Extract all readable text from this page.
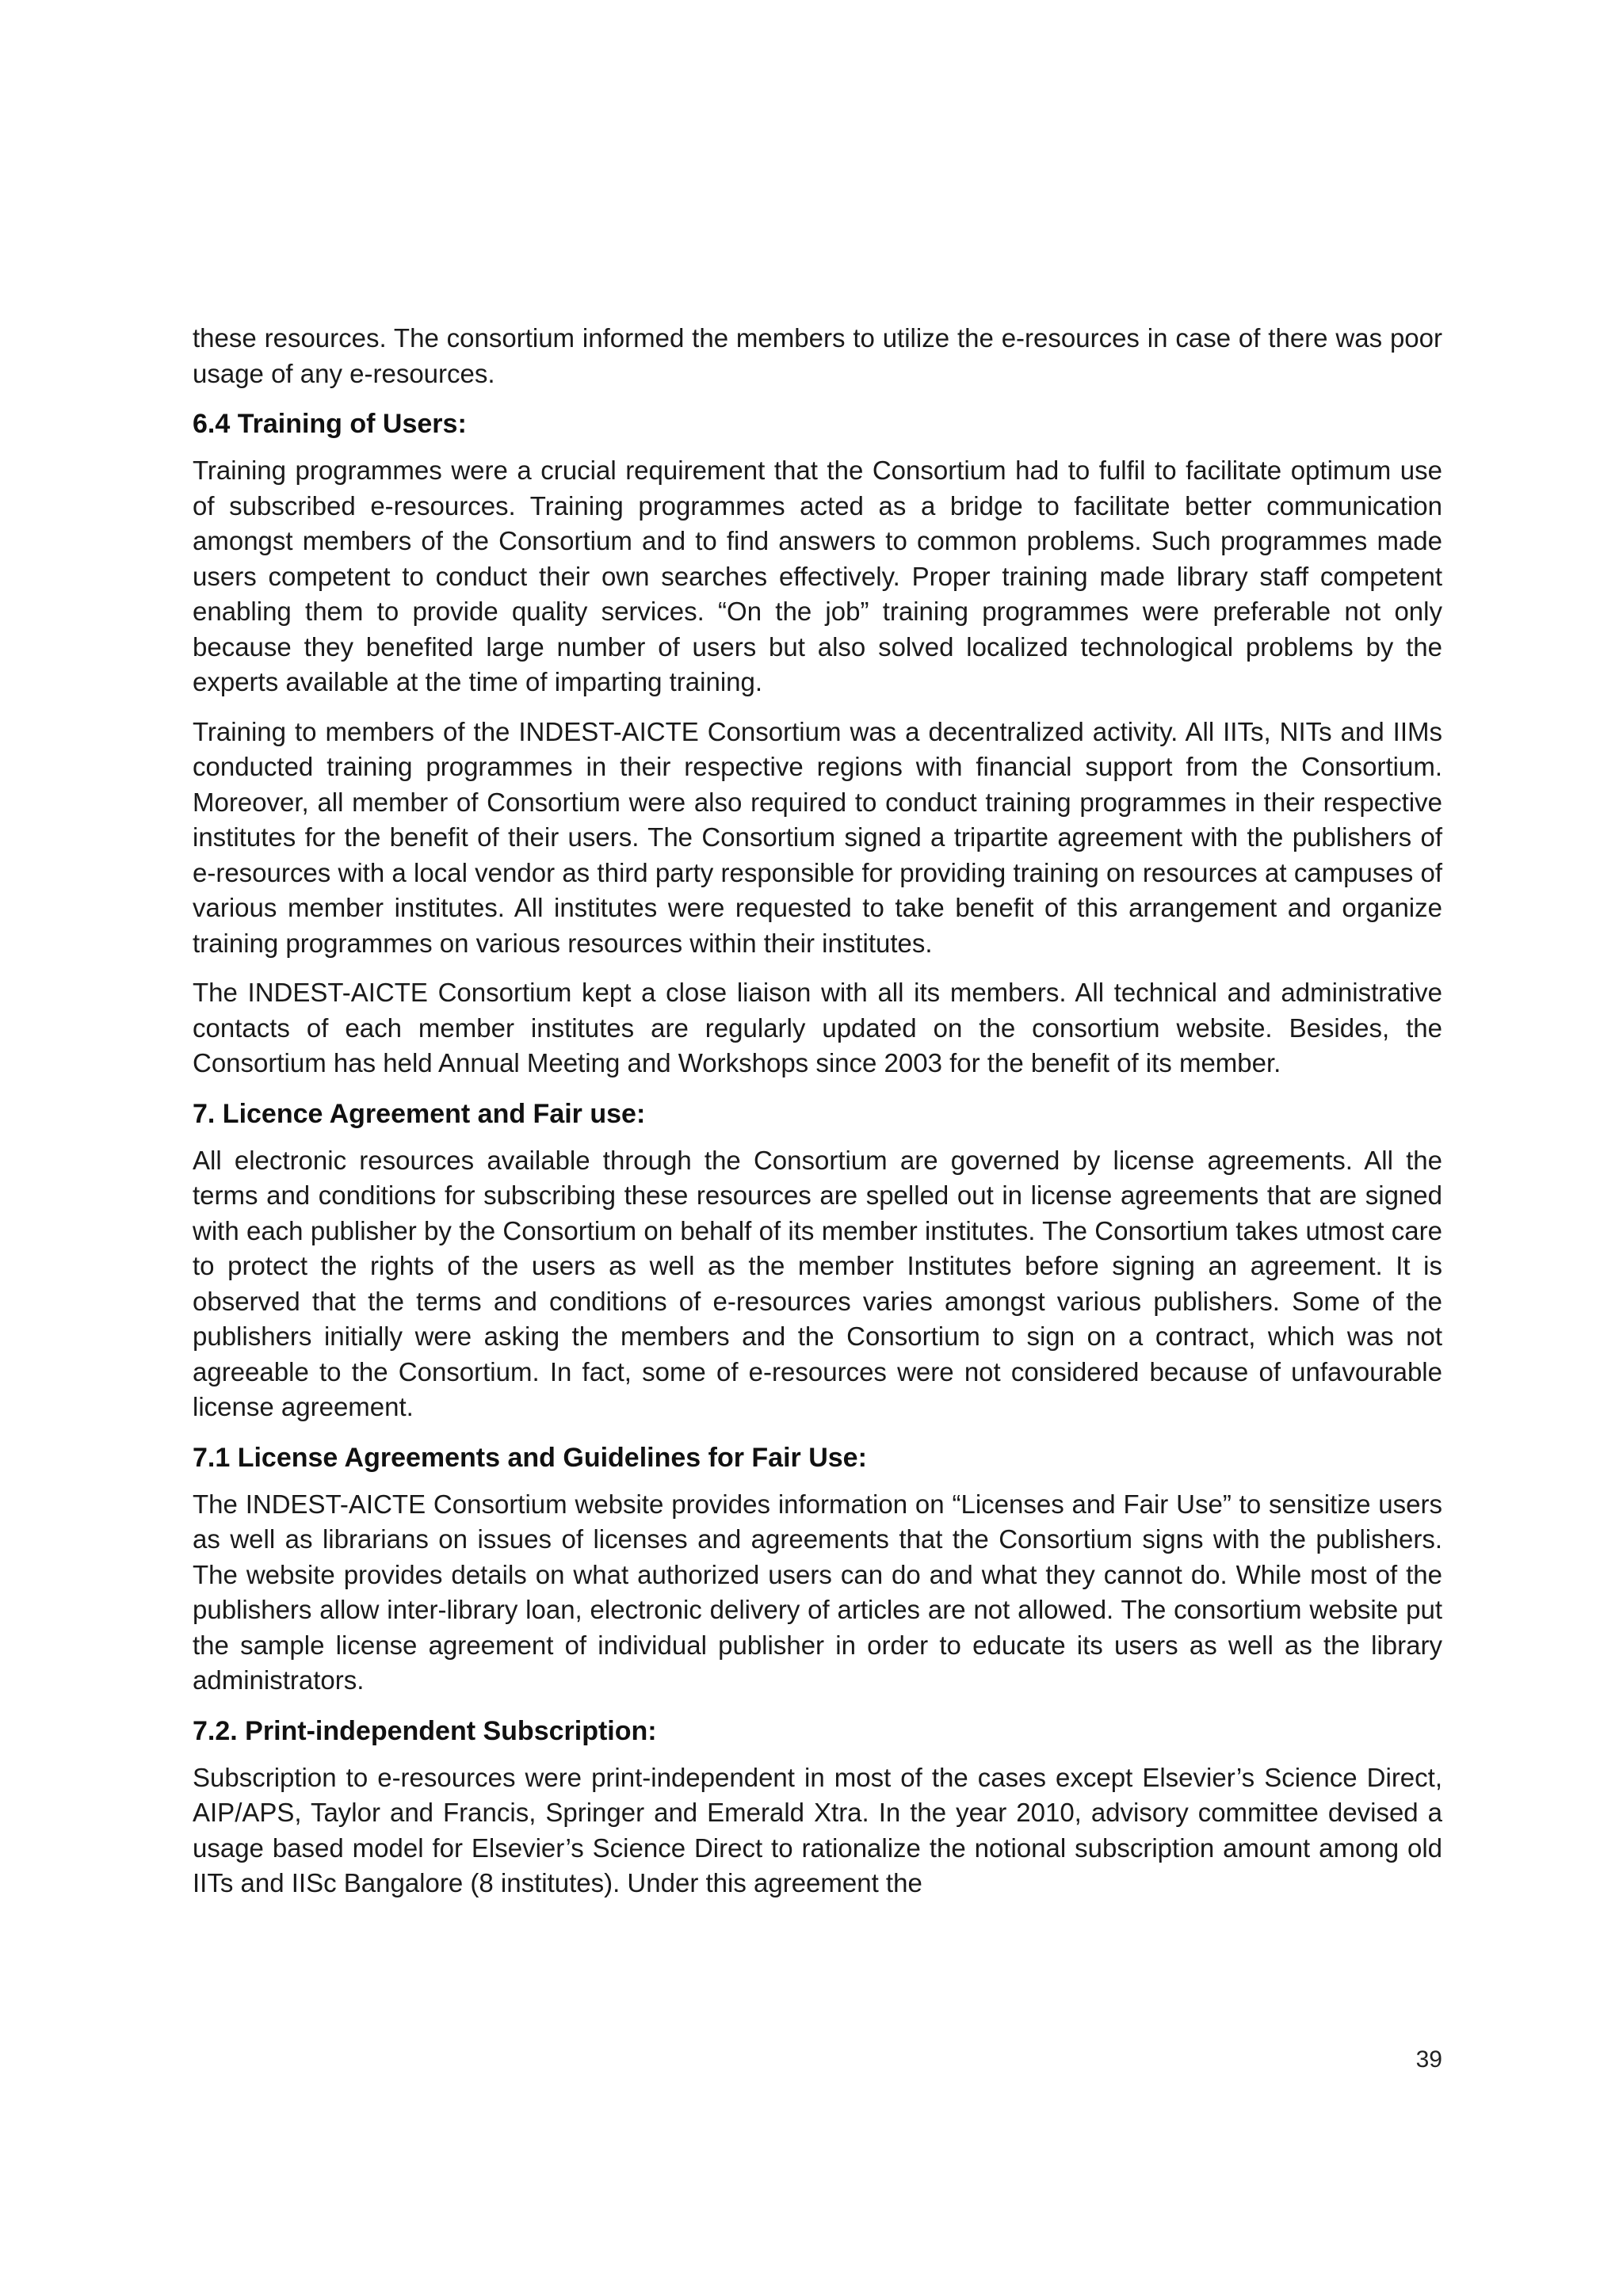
these resources. The consortium informed the members to utilize the e-resources in case of there was poor usage of any e-resources.

6.4 Training of Users:

Training programmes were a crucial requirement that the Consortium had to fulfil to facilitate optimum use of subscribed e-resources. Training programmes acted as a bridge to facilitate better communication amongst members of the Consortium and to find answers to common problems. Such programmes made users competent to conduct their own searches effectively. Proper training made library staff competent enabling them to provide quality services. “On the job” training programmes were preferable not only because they benefited large number of users but also solved localized technological problems by the experts available at the time of imparting training.

Training to members of the INDEST-AICTE Consortium was a decentralized activity. All IITs, NITs and IIMs conducted training programmes in their respective regions with financial support from the Consortium. Moreover, all member of Consortium were also required to conduct training programmes in their respective institutes for the benefit of their users. The Consortium signed a tripartite agreement with the publishers of e-resources with a local vendor as third party responsible for providing training on resources at campuses of various member institutes. All institutes were requested to take benefit of this arrangement and organize training programmes on various resources within their institutes.

The INDEST-AICTE Consortium kept a close liaison with all its members. All technical and administrative contacts of each member institutes are regularly updated on the consortium website. Besides, the Consortium has held Annual Meeting and Workshops since 2003 for the benefit of its member.

7. Licence Agreement and Fair use:

All electronic resources available through the Consortium are governed by license agreements. All the terms and conditions for subscribing these resources are spelled out in license agreements that are signed with each publisher by the Consortium on behalf of its member institutes. The Consortium takes utmost care to protect the rights of the users as well as the member Institutes before signing an agreement. It is observed that the terms and conditions of e-resources varies amongst various publishers. Some of the publishers initially were asking the members and the Consortium to sign on a contract, which was not agreeable to the Consortium. In fact, some of e-resources were not considered because of unfavourable license agreement.

7.1 License Agreements and Guidelines for Fair Use:

The INDEST-AICTE Consortium website provides information on “Licenses and Fair Use” to sensitize users as well as librarians on issues of licenses and agreements that the Consortium signs with the publishers. The website provides details on what authorized users can do and what they cannot do. While most of the publishers allow inter-library loan, electronic delivery of articles are not allowed. The consortium website put the sample license agreement of individual publisher in order to educate its users as well as the library administrators.

7.2. Print-independent Subscription:

Subscription to e-resources were print-independent in most of the cases except Elsevier’s Science Direct, AIP/APS, Taylor and Francis, Springer and Emerald Xtra. In the year 2010, advisory committee devised a usage based model for Elsevier’s Science Direct to rationalize the notional subscription amount among old IITs and IISc Bangalore (8 institutes). Under this agreement the

39
